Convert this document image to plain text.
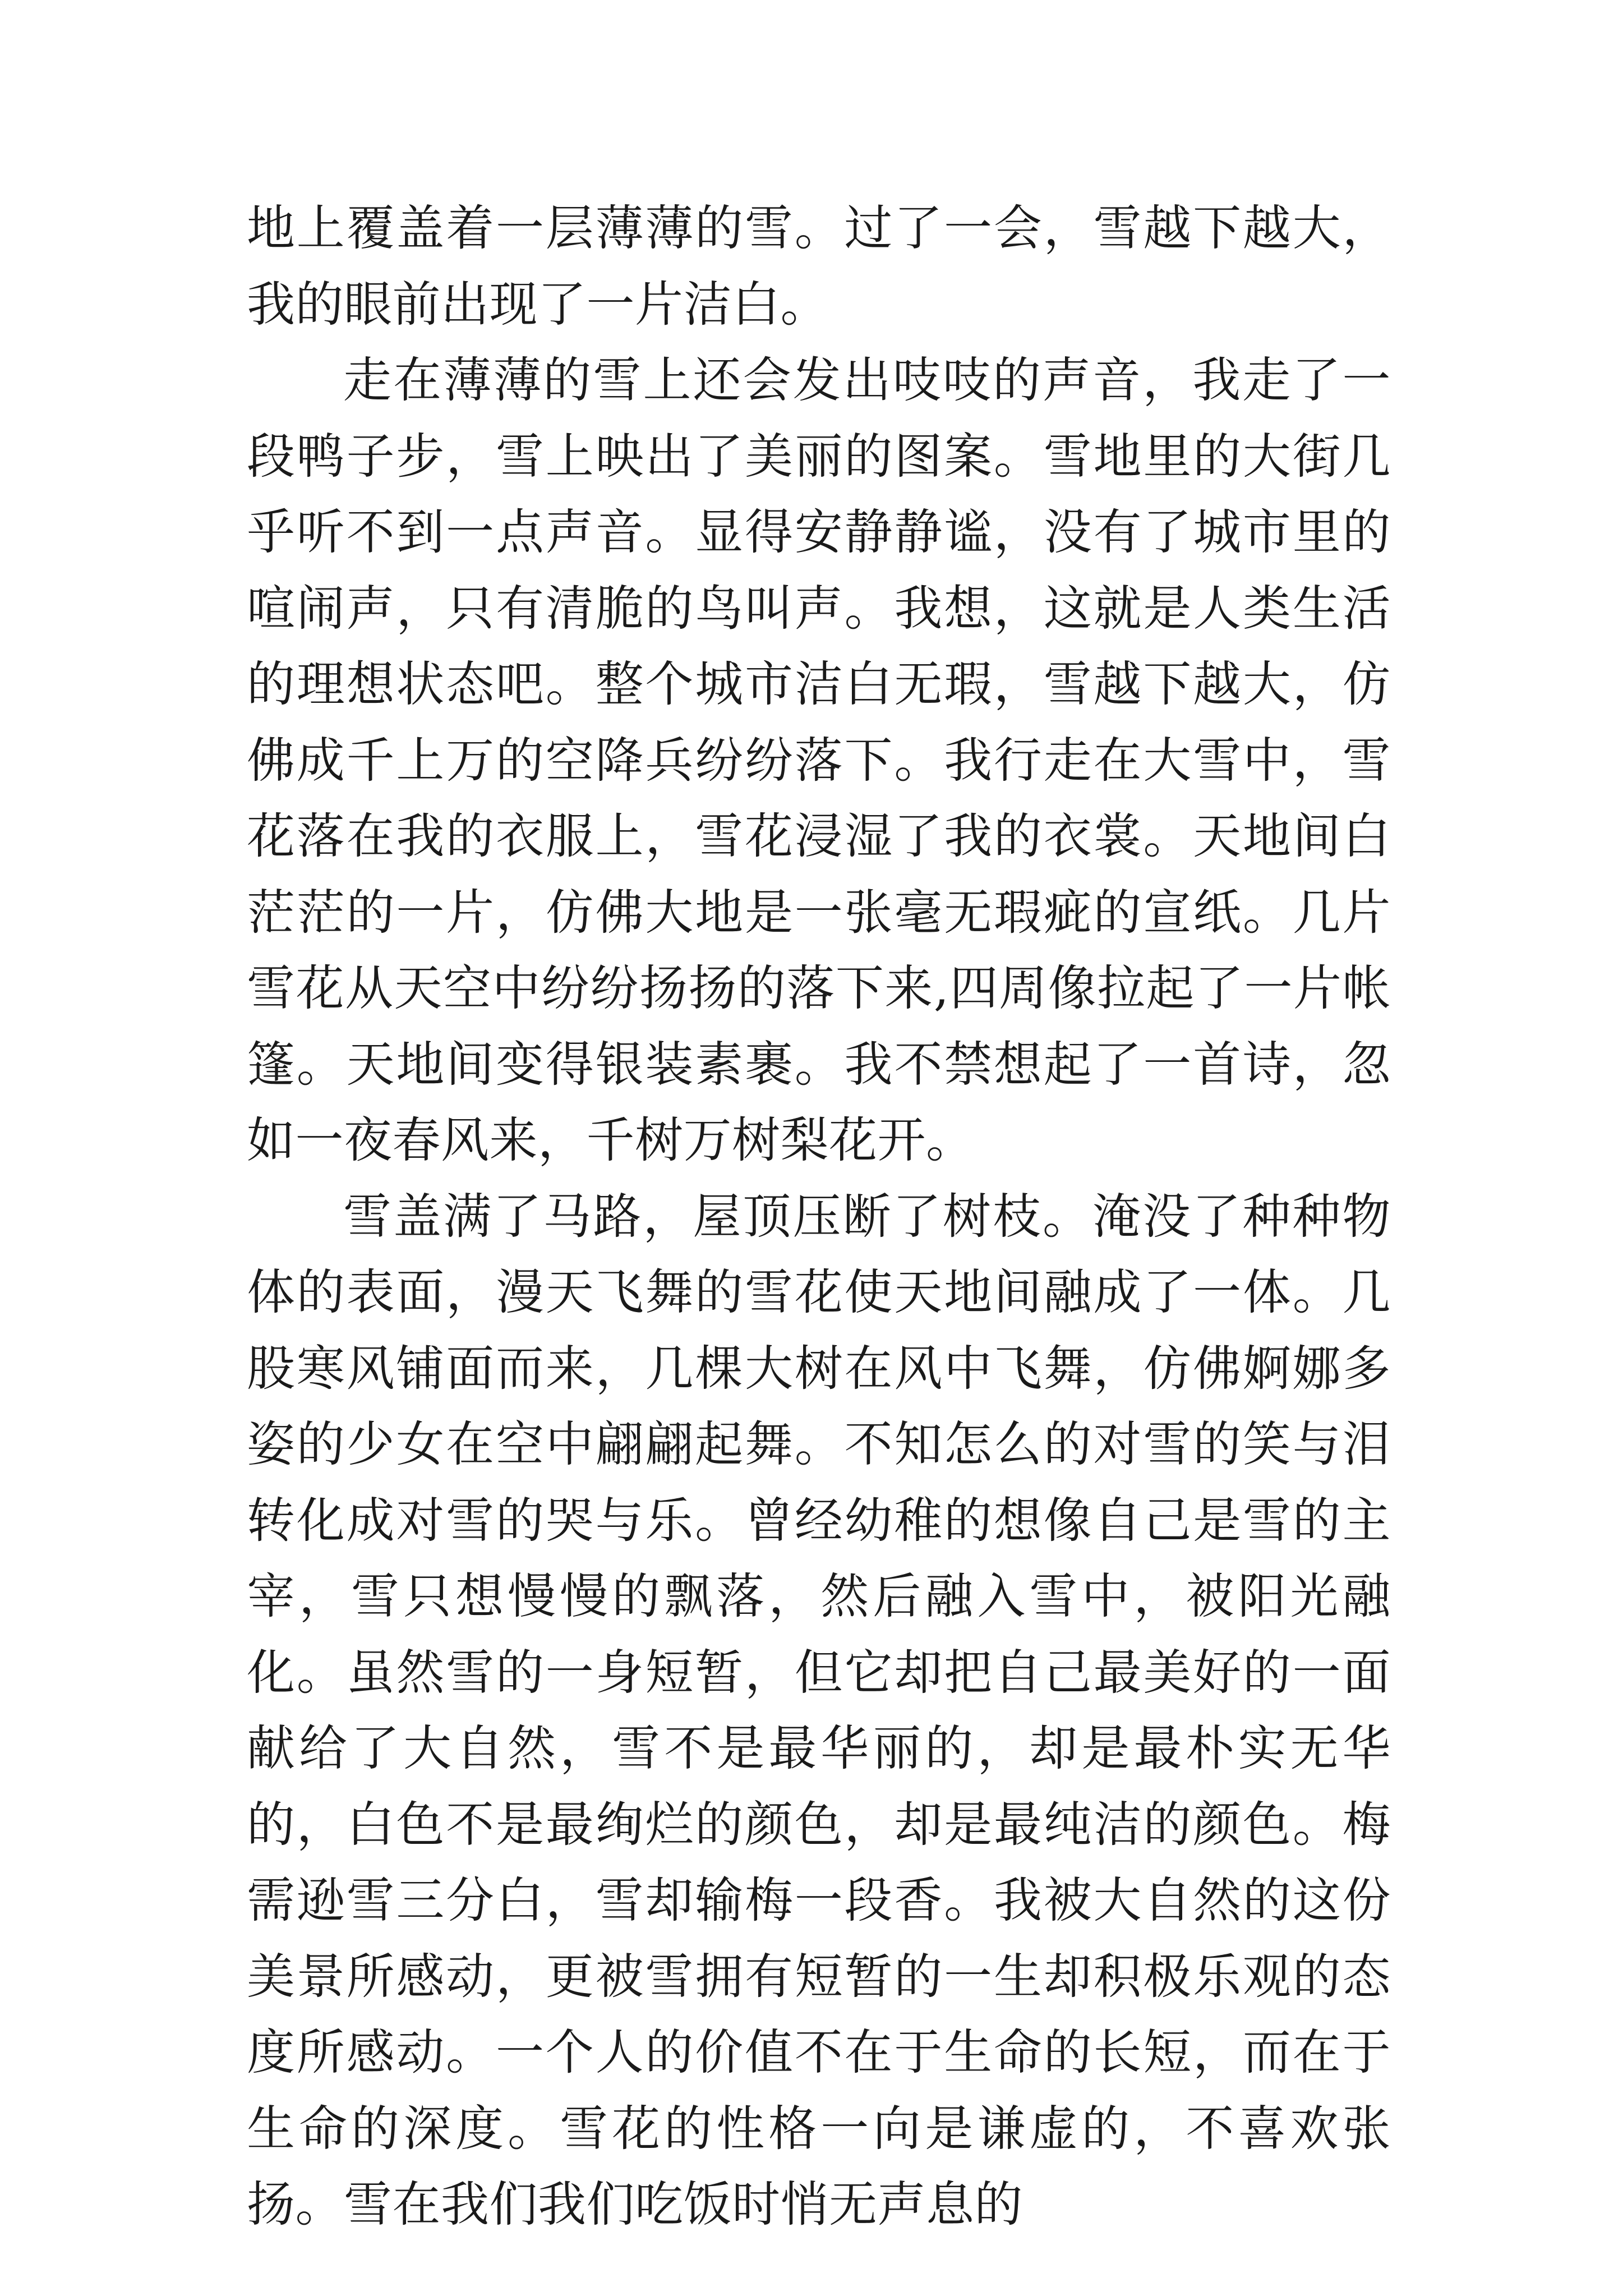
地上覆盖着一层薄薄的雪。过了一会，雪越下越大，我的眼前出现了一片洁白。

走在薄薄的雪上还会发出吱吱的声音，我走了一段鸭子步，雪上映出了美丽的图案。雪地里的大街几乎听不到一点声音。显得安静静谧，没有了城市里的喧闹声，只有清脆的鸟叫声。我想，这就是人类生活的理想状态吧。整个城市洁白无瑕，雪越下越大，仿佛成千上万的空降兵纷纷落下。我行走在大雪中，雪花落在我的衣服上，雪花浸湿了我的衣裳。天地间白茫茫的一片，仿佛大地是一张毫无瑕疵的宣纸。几片雪花从天空中纷纷扬扬的落下来,四周像拉起了一片帐篷。天地间变得银装素裹。我不禁想起了一首诗，忽如一夜春风来，千树万树梨花开。

雪盖满了马路，屋顶压断了树枝。淹没了种种物体的表面，漫天飞舞的雪花使天地间融成了一体。几股寒风铺面而来，几棵大树在风中飞舞，仿佛婀娜多姿的少女在空中翩翩起舞。不知怎么的对雪的笑与泪转化成对雪的哭与乐。曾经幼稚的想像自己是雪的主宰，雪只想慢慢的飘落，然后融入雪中，被阳光融化。虽然雪的一身短暂，但它却把自己最美好的一面献给了大自然，雪不是最华丽的，却是最朴实无华的，白色不是最绚烂的颜色，却是最纯洁的颜色。梅需逊雪三分白，雪却输梅一段香。我被大自然的这份美景所感动，更被雪拥有短暂的一生却积极乐观的态度所感动。一个人的价值不在于生命的长短，而在于生命的深度。雪花的性格一向是谦虚的，不喜欢张扬。雪在我们我们吃饭时悄无声息的
